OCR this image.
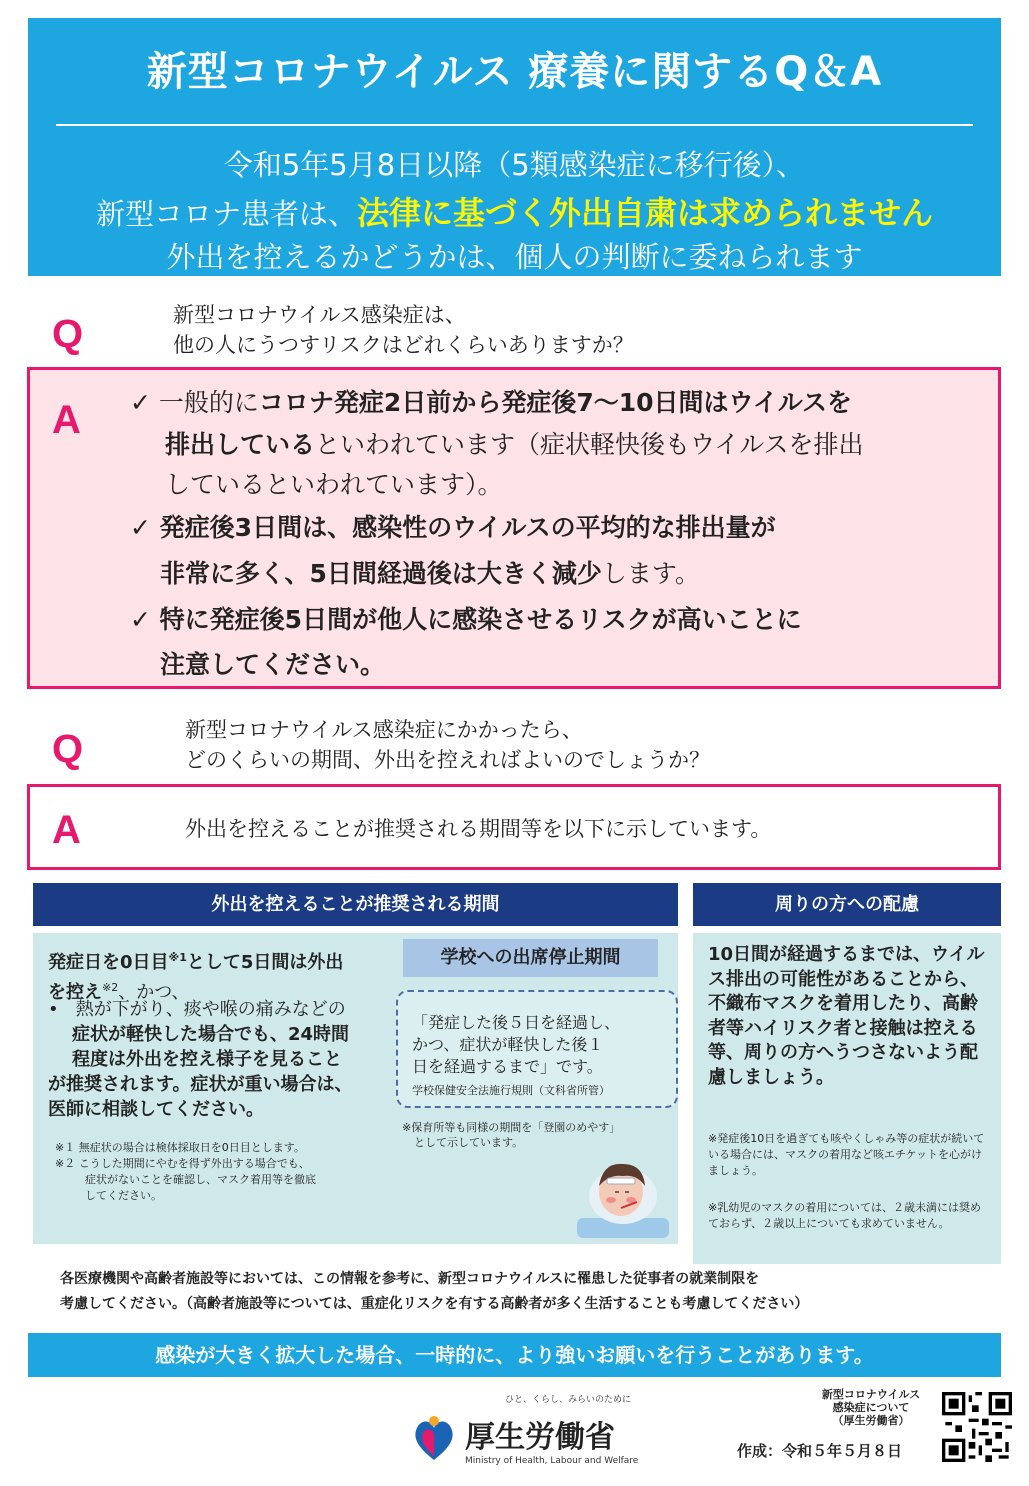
新型コロナウイルス 療養に関するQ＆A
令和5年5月8日以降（5類感染症に移行後）、
新型コロナ患者は、法律に基づく外出自粛は求められません
外出を控えるかどうかは、個人の判断に委ねられます
Q	新型コロナウイルス感染症は、
他の人にうつすリスクはどれくらいありますか？
A ✓ 一般的にコロナ発症2日前から発症後7～10日間はウイルスを
排出しているといわれています（症状軽快後もウイルスを排出
しているといわれています）。
✓ 発症後3日間は、感染性のウイルスの平均的な排出量が
非常に多く、5日間経過後は大きく減少します。
✓ 特に発症後5日間が他人に感染させるリスクが高いことに
注意してください。
Q	新型コロナウイルス感染症にかかったら、
どのくらいの期間、外出を控えればよいのでしょうか？
A	外出を控えることが推奨される期間等を以下に示しています。
外出を控えることが推奨される期間
発症日を0日目$^{※1}$として5日間は外出
を控え$^{※2}$、かつ、
• 熱が下がり、痰や喉の痛みなどの
症状が軽快した場合でも、24時間
程度は外出を控え様子を見ること
が推奨されます。症状が重い場合は、
医師に相談してください。
※１ 無症状の場合は検体採取日を0日目とします。
※２ こうした期間にやむを得ず外出する場合でも、
症状がないことを確認し、マスク着用等を徹底
してください。
学校への出席停止期間
「発症した後５日を経過し、
かつ、症状が軽快した後１
日を経過するまで」です。
学校保健安全法施行規則（文科省所管）
※保育所等も同様の期間を「登園のめやす」
として示しています。
周りの方への配慮
10日間が経過するまでは、ウイルス排出の可能性があることから、不織布マスクを着用したり、高齢者等ハイリスク者と接触は控える等、周りの方へうつさないよう配慮しましょう。
※発症後10日を過ぎても咳やくしゃみ等の症状が続いている場合には、マスクの着用など咳エチケットを心がけましょう。
※乳幼児のマスクの着用については、２歳未満には奨めておらず、２歳以上についても求めていません。
各医療機関や高齢者施設等においては、この情報を参考に、新型コロナウイルスに罹患した従事者の就業制限を
考慮してください。（高齢者施設等については、重症化リスクを有する高齢者が多く生活することも考慮してください）
感染が大きく拡大した場合、一時的に、より強いお願いを行うことがあります。
ひと、くらし、みらいのために
厚生労働省
Ministry of Health, Labour and Welfare
新型コロナウイルス
感染症について
（厚生労働省）
作成：令和５年５月８日
